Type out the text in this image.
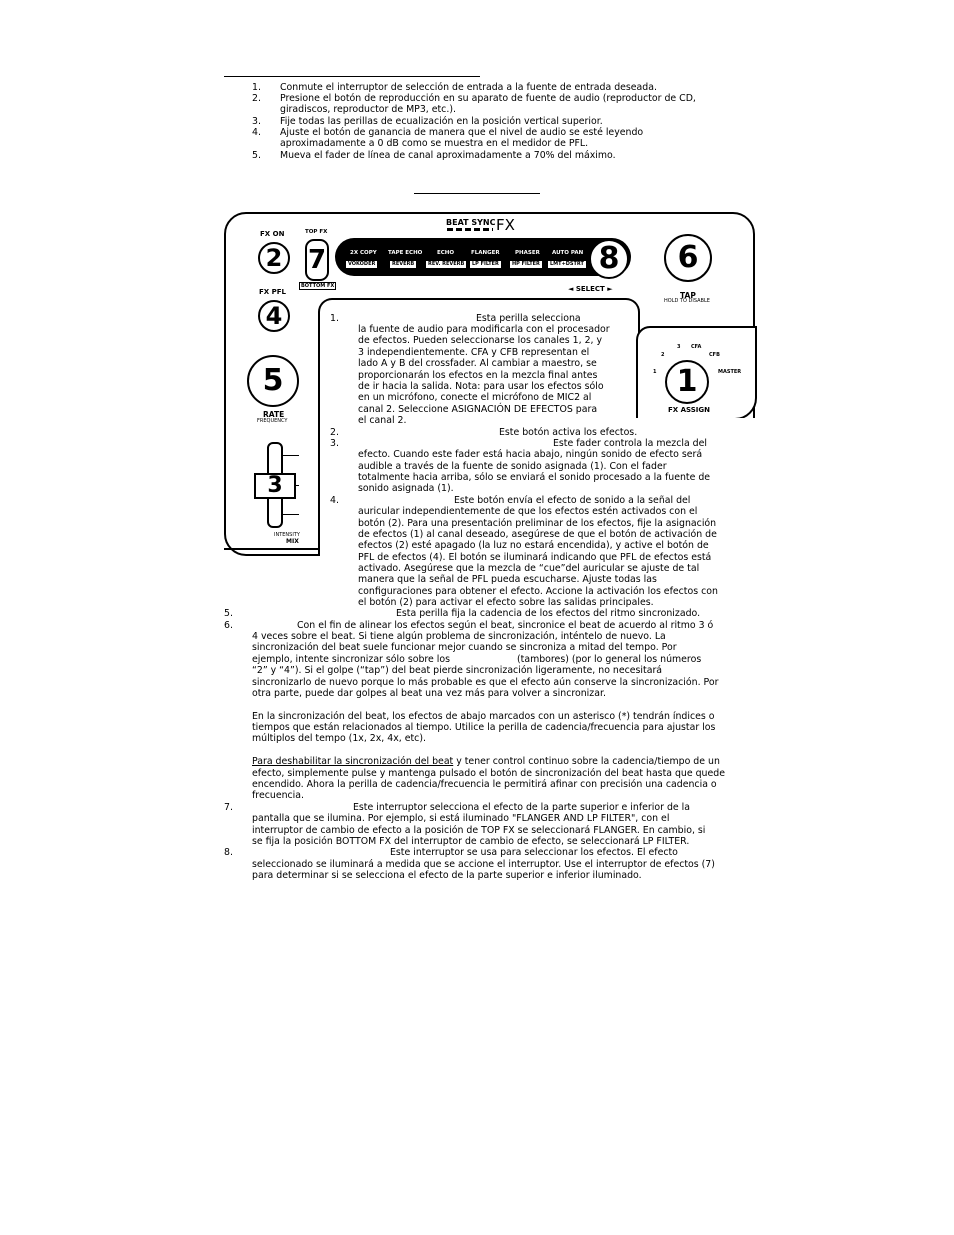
1. Conmute el interruptor de selección de entrada a la fuente de entrada deseada.
2. Presione el botón de reproducción en su aparato de fuente de audio (reproductor de CD,
giradiscos, reproductor de MP3, etc.).
3. Fije todas las perillas de ecualización en la posición vertical superior.
4. Ajuste el botón de ganancia de manera que el nivel de audio se esté leyendo
aproximadamente a 0 dB como se muestra en el medidor de PFL.
5. Mueva el fader de línea de canal aproximadamente a 70% del máximo.
BEAT SYNC FX
FX ON
2
TOP FX
7
BOTTOM FX
2X COPY TAPE ECHO	ECHO	FLANGER	PHASER AUTO PAN
VOKODER	REVERB	REV. REVERB	LP FILTER	HP FILTER	LMT+DSTRT 8
◄ SELECT ►
6
TAP
HOLD TO DISABLE
FX PFL
4
5
RATE
FREQUENCY
3
INTENSITY
MIX
3 CFA
2	CFB
1	MASTER
1
FX ASSIGN
1.	Esta perilla selecciona
la fuente de audio para modificarla con el procesador
de efectos. Pueden seleccionarse los canales 1, 2, y
3 independientemente. CFA y CFB representan el
lado A y B del crossfader. Al cambiar a maestro, se
proporcionarán los efectos en la mezcla final antes
de ir hacia la salida. Nota: para usar los efectos sólo
en un micrófono, conecte el micrófono de MIC2 al
canal 2. Seleccione ASIGNACIÓN DE EFECTOS para
el canal 2.
2.	Este botón activa los efectos.
3.	Este fader controla la mezcla del
efecto. Cuando este fader está hacia abajo, ningún sonido de efecto será
audible a través de la fuente de sonido asignada (1). Con el fader
totalmente hacia arriba, sólo se enviará el sonido procesado a la fuente de
sonido asignada (1).
4.	Este botón envía el efecto de sonido a la señal del
auricular independientemente de que los efectos estén activados con el
botón (2). Para una presentación preliminar de los efectos, fije la asignación
de efectos (1) al canal deseado, asegúrese de que el botón de activación de
efectos (2) esté apagado (la luz no estará encendida), y active el botón de
PFL de efectos (4). El botón se iluminará indicando que PFL de efectos está
activado. Asegúrese que la mezcla de “cue”del auricular se ajuste de tal
manera que la señal de PFL pueda escucharse. Ajuste todas las
configuraciones para obtener el efecto. Accione la activación los efectos con
el botón (2) para activar el efecto sobre las salidas principales.
5.	Esta perilla fija la cadencia de los efectos del ritmo sincronizado.
6.	Con el fin de alinear los efectos según el beat, sincronice el beat de acuerdo al ritmo 3 ó
4 veces sobre el beat. Si tiene algún problema de sincronización, inténtelo de nuevo. La
sincronización del beat suele funcionar mejor cuando se sincroniza a mitad del tempo. Por
ejemplo, intente sincronizar sólo sobre los	(tambores) (por lo general los números
“2” y “4”). Si el golpe (“tap”) del beat pierde sincronización ligeramente, no necesitará
sincronizarlo de nuevo porque lo más probable es que el efecto aún conserve la sincronización. Por
otra parte, puede dar golpes al beat una vez más para volver a sincronizar.
En la sincronización del beat, los efectos de abajo marcados con un asterisco (*) tendrán índices o
tiempos que están relacionados al tiempo. Utilice la perilla de cadencia/frecuencia para ajustar los
múltiplos del tempo (1x, 2x, 4x, etc).
Para deshabilitar la sincronización del beat y tener control continuo sobre la cadencia/tiempo de un
efecto, simplemente pulse y mantenga pulsado el botón de sincronización del beat hasta que quede
encendido. Ahora la perilla de cadencia/frecuencia le permitirá afinar con precisión una cadencia o
frecuencia.
7.	Este interruptor selecciona el efecto de la parte superior e inferior de la
pantalla que se ilumina. Por ejemplo, si está iluminado "FLANGER AND LP FILTER", con el
interruptor de cambio de efecto a la posición de TOP FX se seleccionará FLANGER. En cambio, si
se fija la posición BOTTOM FX del interruptor de cambio de efecto, se seleccionará LP FILTER.
8.	Este interruptor se usa para seleccionar los efectos. El efecto
seleccionado se iluminará a medida que se accione el interruptor. Use el interruptor de efectos (7)
para determinar si se selecciona el efecto de la parte superior e inferior iluminado.
